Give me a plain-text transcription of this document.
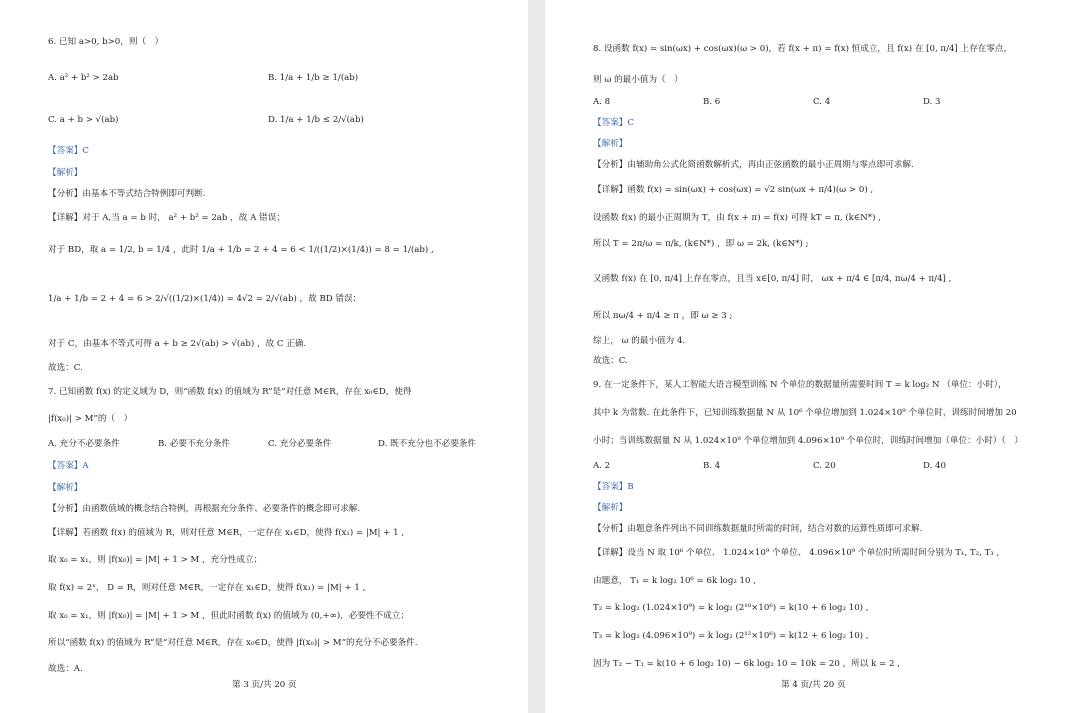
6. 已知 a>0, b>0，则（　）
A. a² + b² > 2ab	B. 1/a + 1/b ≥ 1/(ab)
C. a + b > √(ab)	D. 1/a + 1/b ≤ 2/√(ab)
【答案】C
【解析】
【分析】由基本不等式结合特例即可判断.
【详解】对于 A,当 a = b 时， a² + b² = 2ab ，故 A 错误；
对于 BD，取 a = 1/2, b = 1/4 ，此时 1/a + 1/b = 2 + 4 = 6 < 1/((1/2)×(1/4)) = 8 = 1/(ab) ,
1/a + 1/b = 2 + 4 = 6 > 2/√((1/2)×(1/4)) = 4√2 = 2/√(ab) ，故 BD 错误；
对于 C，由基本不等式可得 a + b ≥ 2√(ab) > √(ab) ，故 C 正确.
故选：C.
7. 已知函数 f(x) 的定义域为 D，则“函数 f(x) 的值域为 R”是“对任意 M∈R，存在 x₀∈D，使得
|f(x₀)| > M”的（　）
A. 充分不必要条件	B. 必要不充分条件	C. 充分必要条件	D. 既不充分也不必要条件
【答案】A
【解析】
【分析】由函数值域的概念结合特例，再根据充分条件、必要条件的概念即可求解.
【详解】若函数 f(x) 的值域为 R，则对任意 M∈R，一定存在 x₁∈D，使得 f(x₁) = |M| + 1 ,
取 x₀ = x₁，则 |f(x₀)| = |M| + 1 > M ，充分性成立；
取 f(x) = 2ˣ， D = R，则对任意 M∈R，一定存在 x₁∈D，使得 f(x₁) = |M| + 1 ,
取 x₀ = x₁，则 |f(x₀)| = |M| + 1 > M ，但此时函数 f(x) 的值域为 (0,+∞)，必要性不成立；
所以“函数 f(x) 的值域为 R”是“对任意 M∈R，存在 x₀∈D，使得 |f(x₀)| > M”的充分不必要条件.
故选：A.
第 3 页/共 20 页
8. 设函数 f(x) = sin(ωx) + cos(ωx)(ω > 0)，若 f(x + π) = f(x) 恒成立，且 f(x) 在 [0, π/4] 上存在零点，
则 ω 的最小值为（　）
A. 8	B. 6	C. 4	D. 3
【答案】C
【解析】
【分析】由辅助角公式化简函数解析式，再由正弦函数的最小正周期与零点即可求解.
【详解】函数 f(x) = sin(ωx) + cos(ωx) = √2 sin(ωx + π/4)(ω > 0) ,
设函数 f(x) 的最小正周期为 T，由 f(x + π) = f(x) 可得 kT = π, (k∈N*) ,
所以 T = 2π/ω = π/k, (k∈N*) ，即 ω = 2k, (k∈N*) ;
又函数 f(x) 在 [0, π/4] 上存在零点，且当 x∈[0, π/4] 时， ωx + π/4 ∈ [π/4, πω/4 + π/4] ,
所以 πω/4 + π/4 ≥ π ，即 ω ≥ 3 ;
综上， ω 的最小值为 4.
故选：C.
9. 在一定条件下，某人工智能大语言模型训练 N 个单位的数据量所需要时间 T = k log₂ N （单位：小时），
其中 k 为常数. 在此条件下，已知训练数据量 N 从 10⁶ 个单位增加到 1.024×10⁹ 个单位时，训练时间增加 20
小时；当训练数据量 N 从 1.024×10⁹ 个单位增加到 4.096×10⁹ 个单位时，训练时间增加（单位：小时）（　）
A. 2	B. 4	C. 20	D. 40
【答案】B
【解析】
【分析】由题意条件列出不同训练数据量时所需的时间，结合对数的运算性质即可求解.
【详解】设当 N 取 10⁶ 个单位、 1.024×10⁹ 个单位、 4.096×10⁹ 个单位时所需时间分别为 T₁, T₂, T₃ ,
由题意， T₁ = k log₂ 10⁶ = 6k log₂ 10 ,
T₂ = k log₂ (1.024×10⁹) = k log₂ (2¹⁰×10⁶) = k(10 + 6 log₂ 10) ,
T₃ = k log₂ (4.096×10⁹) = k log₂ (2¹²×10⁶) = k(12 + 6 log₂ 10) ,
因为 T₂ − T₁ = k(10 + 6 log₂ 10) − 6k log₂ 10 = 10k = 20 ，所以 k = 2 ,
第 4 页/共 20 页
